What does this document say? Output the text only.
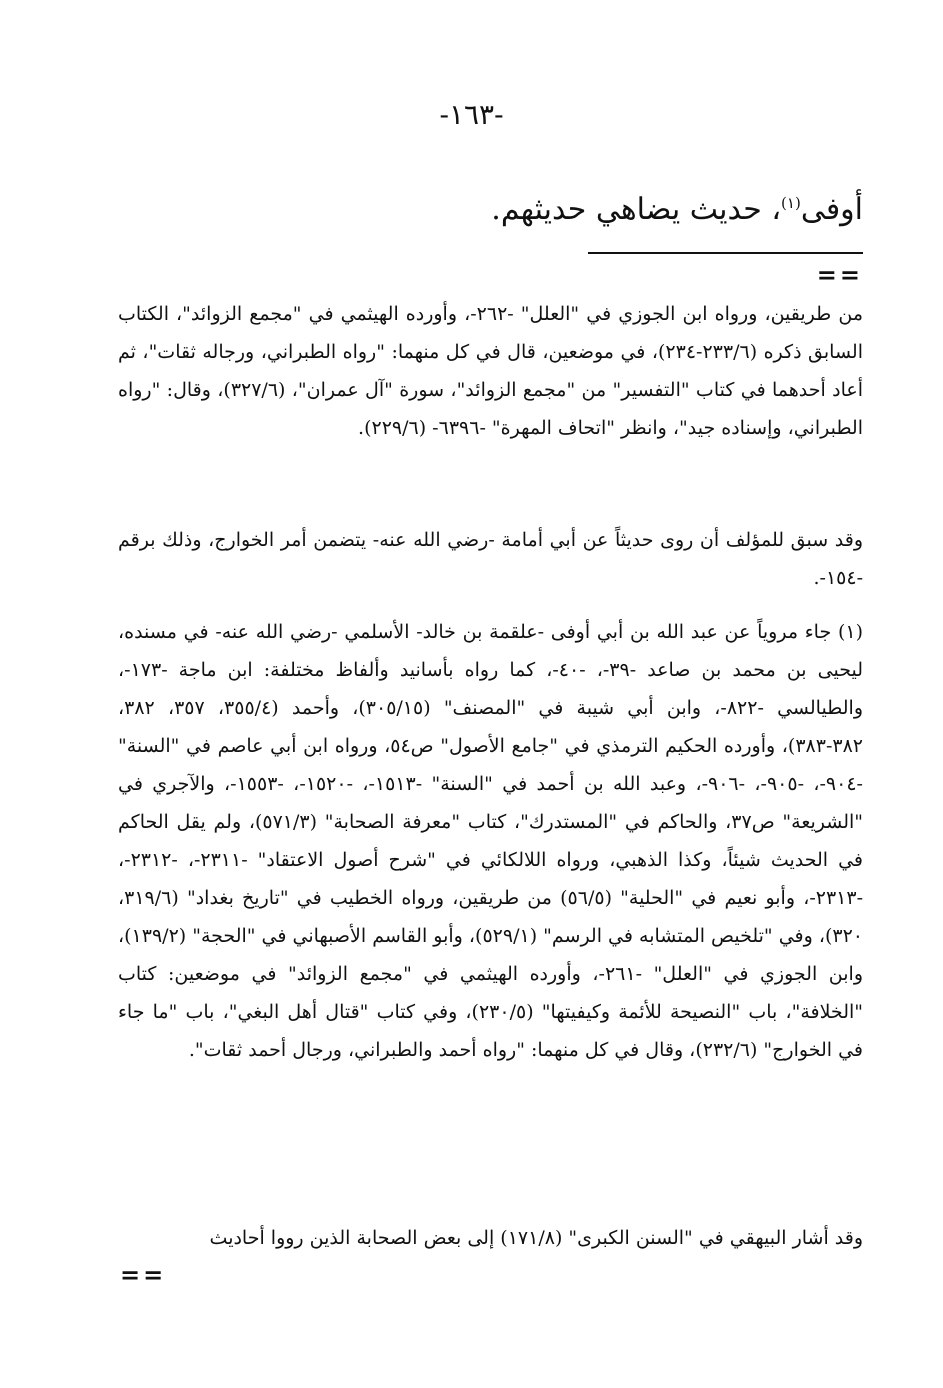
-١٦٣-
أوفى$^{(١)}$، حديث يضاهي حديثهم.
==

من طريقين، ورواه ابن الجوزي في "العلل" -٢٦٢-، وأورده الهيثمي في "مجمع الزوائد"، الكتاب السابق ذكره (٢٣٣/٦-٢٣٤)، في موضعين، قال في كل منهما: "رواه الطبراني، ورجاله ثقات"، ثم أعاد أحدهما في كتاب "التفسير" من "مجمع الزوائد"، سورة "آل عمران"، (٣٢٧/٦)، وقال: "رواه الطبراني، وإسناده جيد"، وانظر "اتحاف المهرة" -٦٣٩٦- (٢٢٩/٦).

وقد سبق للمؤلف أن روى حديثاً عن أبي أمامة -رضي الله عنه- يتضمن أمر الخوارج، وذلك برقم -١٥٤-.

(١) جاء مروياً عن عبد الله بن أبي أوفى -علقمة بن خالد- الأسلمي -رضي الله عنه- في مسنده، ليحيى بن محمد بن صاعد -٣٩-، -٤٠-، كما رواه بأسانيد وألفاظ مختلفة: ابن ماجة -١٧٣-، والطيالسي -٨٢٢-، وابن أبي شيبة في "المصنف" (٣٠٥/١٥)، وأحمد (٣٥٥/٤، ٣٥٧، ٣٨٢، ٣٨٢-٣٨٣)، وأورده الحكيم الترمذي في "جامع الأصول" ص٥٤، ورواه ابن أبي عاصم في "السنة" -٩٠٤-، -٩٠٥-، -٩٠٦-، وعبد الله بن أحمد في "السنة" -١٥١٣-، -١٥٢٠-، -١٥٥٣-، والآجري في "الشريعة" ص٣٧، والحاكم في "المستدرك"، كتاب "معرفة الصحابة" (٥٧١/٣)، ولم يقل الحاكم في الحديث شيئاً، وكذا الذهبي، ورواه اللالكائي في "شرح أصول الاعتقاد" -٢٣١١-، -٢٣١٢-، -٢٣١٣-، وأبو نعيم في "الحلية" (٥٦/٥) من طريقين، ورواه الخطيب في "تاريخ بغداد" (٣١٩/٦، ٣٢٠)، وفي "تلخيص المتشابه في الرسم" (٥٢٩/١)، وأبو القاسم الأصبهاني في "الحجة" (١٣٩/٢)، وابن الجوزي في "العلل" -٢٦١-، وأورده الهيثمي في "مجمع الزوائد" في موضعين: كتاب "الخلافة"، باب "النصيحة للأئمة وكيفيتها" (٢٣٠/٥)، وفي كتاب "قتال أهل البغي"، باب "ما جاء في الخوارج" (٢٣٢/٦)، وقال في كل منهما: "رواه أحمد والطبراني، ورجال أحمد ثقات".

وقد أشار البيهقي في "السنن الكبرى" (١٧١/٨) إلى بعض الصحابة الذين رووا أحاديث

==
